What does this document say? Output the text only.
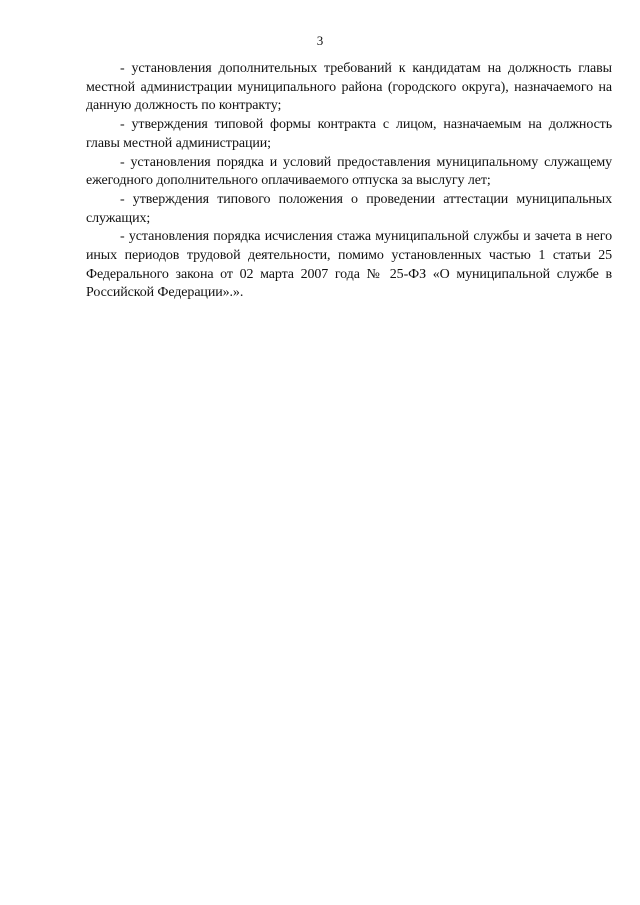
3

- установления дополнительных требований к кандидатам на должность главы местной администрации муниципального района (городского округа), назначаемого на данную должность по контракту;

- утверждения типовой формы контракта с лицом, назначаемым на должность главы местной администрации;

- установления порядка и условий предоставления муниципальному служащему ежегодного дополнительного оплачиваемого отпуска за выслугу лет;

- утверждения типового положения о проведении аттестации муниципальных служащих;

- установления порядка исчисления стажа муниципальной службы и зачета в него иных периодов трудовой деятельности, помимо установленных частью 1 статьи 25 Федерального закона от 02 марта 2007 года № 25-ФЗ «О муниципальной службе в Российской Федерации».».
